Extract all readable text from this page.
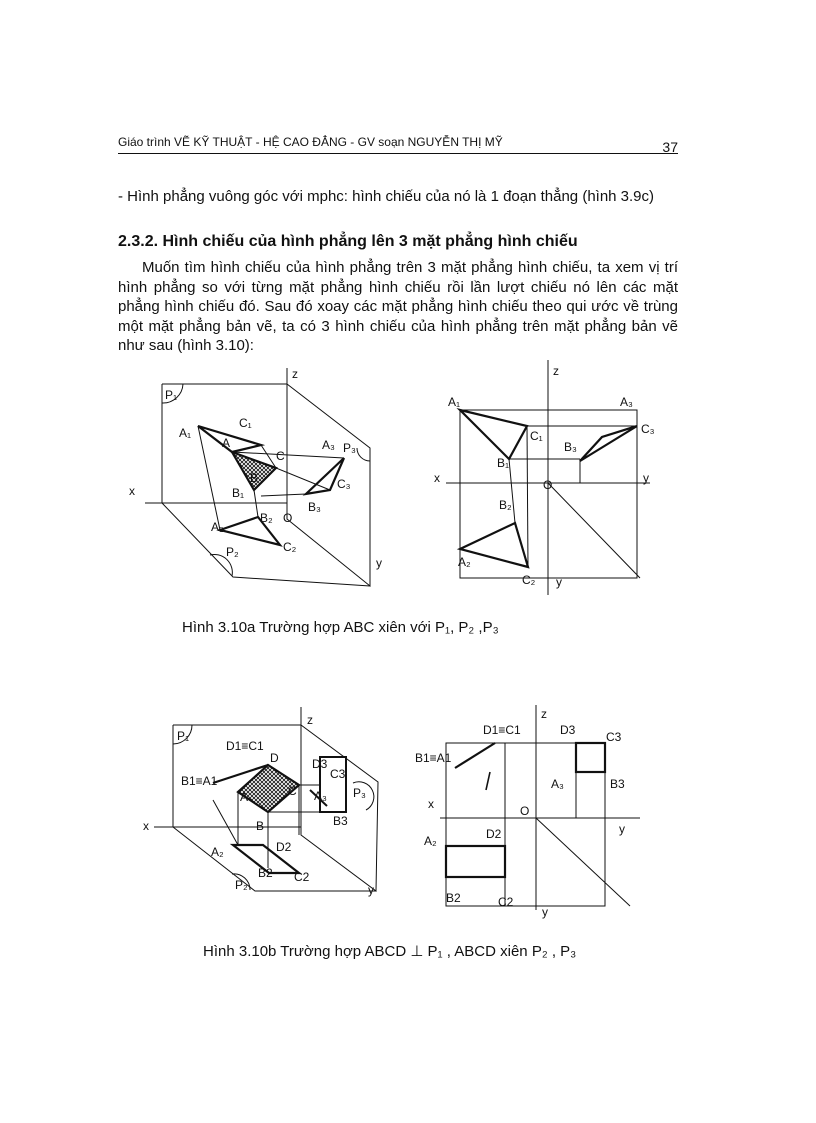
Giáo trình VẼ KỸ THUẬT - HỆ CAO ĐẲNG - GV soạn NGUYỄN THỊ MỸ	37
- Hình phẳng vuông góc với mphc: hình chiếu của nó là 1 đoạn thẳng (hình 3.9c)
2.3.2. Hình chiếu của hình phẳng lên 3 mặt phẳng hình chiếu
Muốn tìm hình chiếu của hình phẳng trên 3 mặt phẳng hình chiếu, ta xem vị trí hình phẳng so với từng mặt phẳng hình chiếu rồi lần lượt chiếu nó lên các mặt phẳng hình chiếu đó. Sau đó xoay các mặt phẳng hình chiếu theo qui ước về trùng một mặt phẳng bản vẽ, ta có 3 hình chiếu của hình phẳng trên mặt phẳng bản vẽ như sau (hình 3.10):
P₁
P₂
P₃
A₁
A
C₁
C
B
B₁
A₃
C₃
B₃
B₂ O
A₂
C₂
x
y
z
A₁	A₃
C₃
C₁
B₃
B₁
O
x	y
B₂
A₂
C₂ y
z
P₁
P₂
P₃
D1≡C1
B1≡A1
D
A	C
B
D3
C3
A₃
B3
A₂	D2
B2 C2
x
y
z
D1≡C1	D3	C3
B1≡A1
A₃	B3
x	O
y
D2
A₂
B2	C2
y
z
Hình 3.10a Trường hợp ABC xiên với P₁, P₂ ,P₃
Hình 3.10b Trường hợp ABCD ⊥ P₁ , ABCD xiên P₂ , P₃
